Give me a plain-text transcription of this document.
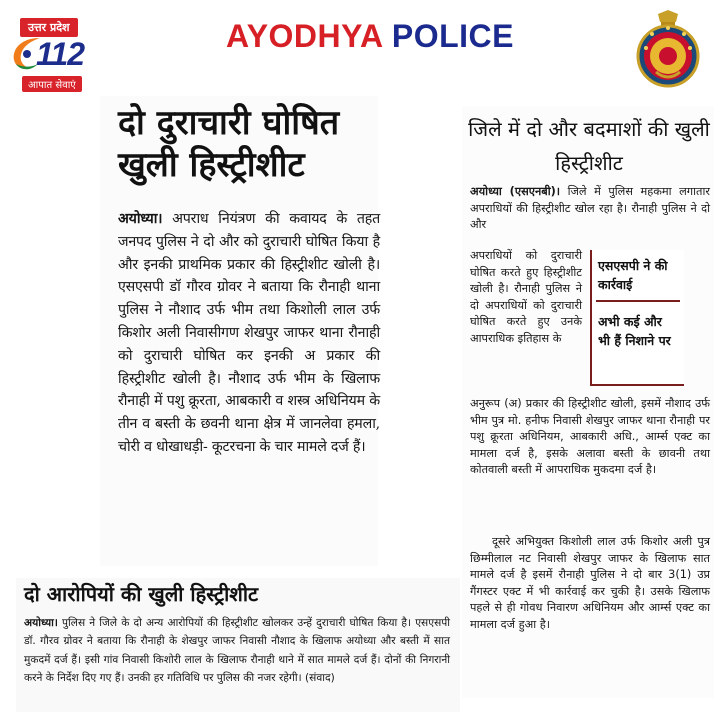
उत्तर प्रदेश
112
आपात सेवाएं
AYODHYA POLICE
दो दुराचारी घोषित खुली हिस्ट्रीशीट
अयोध्या। अपराध नियंत्रण की कवायद के तहत जनपद पुलिस ने दो और को दुराचारी घोषित किया है और इनकी प्राथमिक प्रकार की हिस्ट्रीशीट खोली है। एसएसपी डॉ गौरव ग्रोवर ने बताया कि रौनाही थाना पुलिस ने नौशाद उर्फ भीम तथा किशोली लाल उर्फ किशोर अली निवासीगण शेखपुर जाफर थाना रौनाही को दुराचारी घोषित कर इनकी अ प्रकार की हिस्ट्रीशीट खोली है। नौशाद उर्फ भीम के खिलाफ रौनाही में पशु क्रूरता, आबकारी व शस्त्र अधिनियम के तीन व बस्ती के छवनी थाना क्षेत्र में जानलेवा हमला, चोरी व धोखाधड़ी- कूटरचना के चार मामले दर्ज हैं।
जिले में दो और बदमाशों की खुली हिस्ट्रीशीट
अयोध्या (एसएनबी)। जिले में पुलिस महकमा लगातार अपराधियों की हिस्ट्रीशीट खोल रहा है। रौनाही पुलिस ने दो और
अपराधियों को दुराचारी घोषित करते हुए हिस्ट्रीशीट खोली है। रौनाही पुलिस ने दो अपराधियों को दुराचारी घोषित करते हुए उनके आपराधिक इतिहास के
अनुरूप (अ) प्रकार की हिस्ट्रीशीट खोली, इसमें नौशाद उर्फ भीम पुत्र मो. हनीफ निवासी शेखपुर जाफर थाना रौनाही पर पशु क्रूरता अधिनियम, आबकारी अधि., आर्म्स एक्ट का मामला दर्ज है, इसके अलावा बस्ती के छावनी तथा कोतवाली बस्ती में आपराधिक मुकदमा दर्ज है।
दूसरे अभियुक्त किशोली लाल उर्फ किशोर अली पुत्र छिम्मीलाल नट निवासी शेखपुर जाफर के खिलाफ सात मामले दर्ज है इसमें रौनाही पुलिस ने दो बार 3(1) उप्र गैंगस्टर एक्ट में भी कार्रवाई कर चुकी है। उसके खिलाफ पहले से ही गोवध निवारण अधिनियम और आर्म्स एक्ट का मामला दर्ज हुआ है।
एसएसपी ने की कार्रवाई
अभी कई और भी हैं निशाने पर
दो आरोपियों की खुली हिस्ट्रीशीट
अयोध्या। पुलिस ने जिले के दो अन्य आरोपियों की हिस्ट्रीशीट खोलकर उन्हें दुराचारी घोषित किया है। एसएसपी डॉ. गौरव ग्रोवर ने बताया कि रौनाही के शेखपुर जाफर निवासी नौशाद के खिलाफ अयोध्या और बस्ती में सात मुकदमें दर्ज हैं। इसी गांव निवासी किशोरी लाल के खिलाफ रौनाही थाने में सात मामले दर्ज हैं। दोनों की निगरानी करने के निर्देश दिए गए हैं। उनकी हर गतिविधि पर पुलिस की नजर रहेगी। (संवाद)
